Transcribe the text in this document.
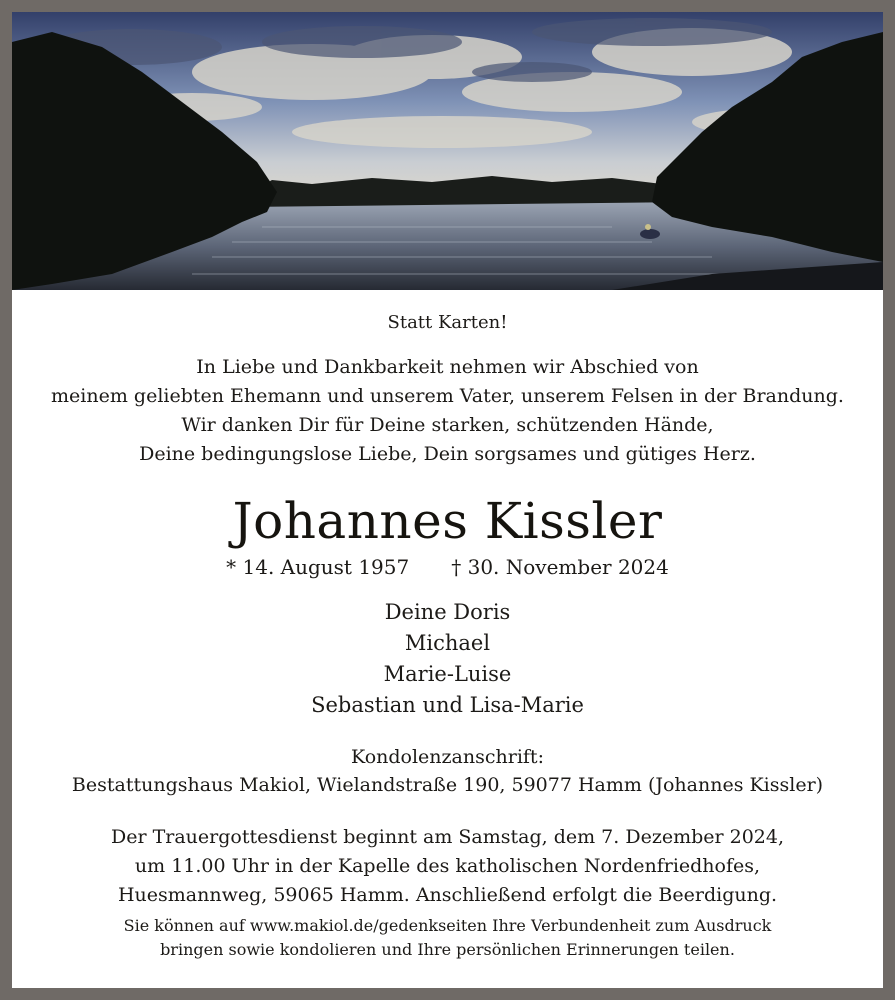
Statt Karten!
In Liebe und Dankbarkeit nehmen wir Abschied von
meinem geliebten Ehemann und unserem Vater, unserem Felsen in der Brandung.
Wir danken Dir für Deine starken, schützenden Hände,
Deine bedingungslose Liebe, Dein sorgsames und gütiges Herz.
Johannes Kissler
* 14. August 1957 † 30. November 2024
Deine Doris
Michael
Marie-Luise
Sebastian und Lisa-Marie
Kondolenzanschrift:
Bestattungshaus Makiol, Wielandstraße 190, 59077 Hamm (Johannes Kissler)
Der Trauergottesdienst beginnt am Samstag, dem 7. Dezember 2024,
um 11.00 Uhr in der Kapelle des katholischen Nordenfriedhofes,
Huesmannweg, 59065 Hamm. Anschließend erfolgt die Beerdigung.
Sie können auf www.makiol.de/gedenkseiten Ihre Verbundenheit zum Ausdruck
bringen sowie kondolieren und Ihre persönlichen Erinnerungen teilen.
